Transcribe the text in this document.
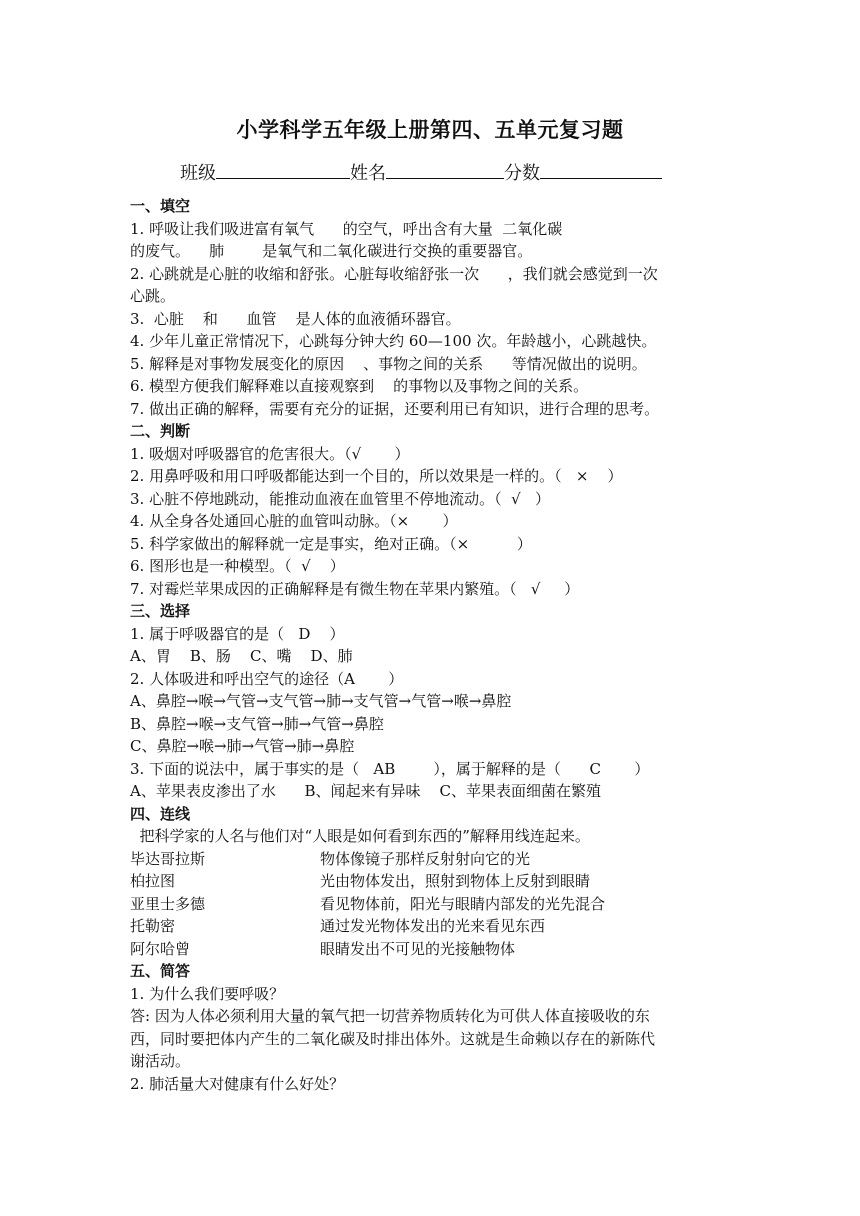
小学科学五年级上册第四、五单元复习题
班级	姓名	分数
一、填空
1. 呼吸让我们吸进富有氧气      的空气，呼出含有大量  二氧化碳
的废气。    肺        是氧气和二氧化碳进行交换的重要器官。
2. 心跳就是心脏的收缩和舒张。心脏每收缩舒张一次      ，我们就会感觉到一次
心跳。
3.  心脏    和      血管    是人体的血液循环器官。
4. 少年儿童正常情况下，心跳每分钟大约 60—100 次。年龄越小，心跳越快。
5. 解释是对事物发展变化的原因    、事物之间的关系      等情况做出的说明。
6. 模型方便我们解释难以直接观察到    的事物以及事物之间的关系。
7. 做出正确的解释，需要有充分的证据，还要利用已有知识，进行合理的思考。
二、判断
1. 吸烟对呼吸器官的危害很大。（√       ）
2. 用鼻呼吸和用口呼吸都能达到一个目的，所以效果是一样的。（   ×    ）
3. 心脏不停地跳动，能推动血液在血管里不停地流动。（  √   ）
4. 从全身各处通回心脏的血管叫动脉。（×       ）
5. 科学家做出的解释就一定是事实，绝对正确。（×          ）
6. 图形也是一种模型。（  √    ）
7. 对霉烂苹果成因的正确解释是有微生物在苹果内繁殖。（   √     ）
三、选择
1. 属于呼吸器官的是（   D    ）
A、胃    B、肠    C、嘴    D、肺
2. 人体吸进和呼出空气的途径（A       ）
A、鼻腔→喉→气管→支气管→肺→支气管→气管→喉→鼻腔
B、鼻腔→喉→支气管→肺→气管→鼻腔
C、鼻腔→喉→肺→气管→肺→鼻腔
3. 下面的说法中，属于事实的是（   AB        ），属于解释的是（      C       ）
A、苹果表皮渗出了水      B、闻起来有异味    C、苹果表面细菌在繁殖
四、连线
把科学家的人名与他们对“人眼是如何看到东西的”解释用线连起来。
毕达哥拉斯	物体像镜子那样反射射向它的光
柏拉图	光由物体发出，照射到物体上反射到眼睛
亚里士多德	看见物体前，阳光与眼睛内部发的光先混合
托勒密	通过发光物体发出的光来看见东西
阿尔哈曾	眼睛发出不可见的光接触物体
五、简答
1. 为什么我们要呼吸？
答: 因为人体必须利用大量的氧气把一切营养物质转化为可供人体直接吸收的东
西，同时要把体内产生的二氧化碳及时排出体外。这就是生命赖以存在的新陈代
谢活动。
2. 肺活量大对健康有什么好处？
